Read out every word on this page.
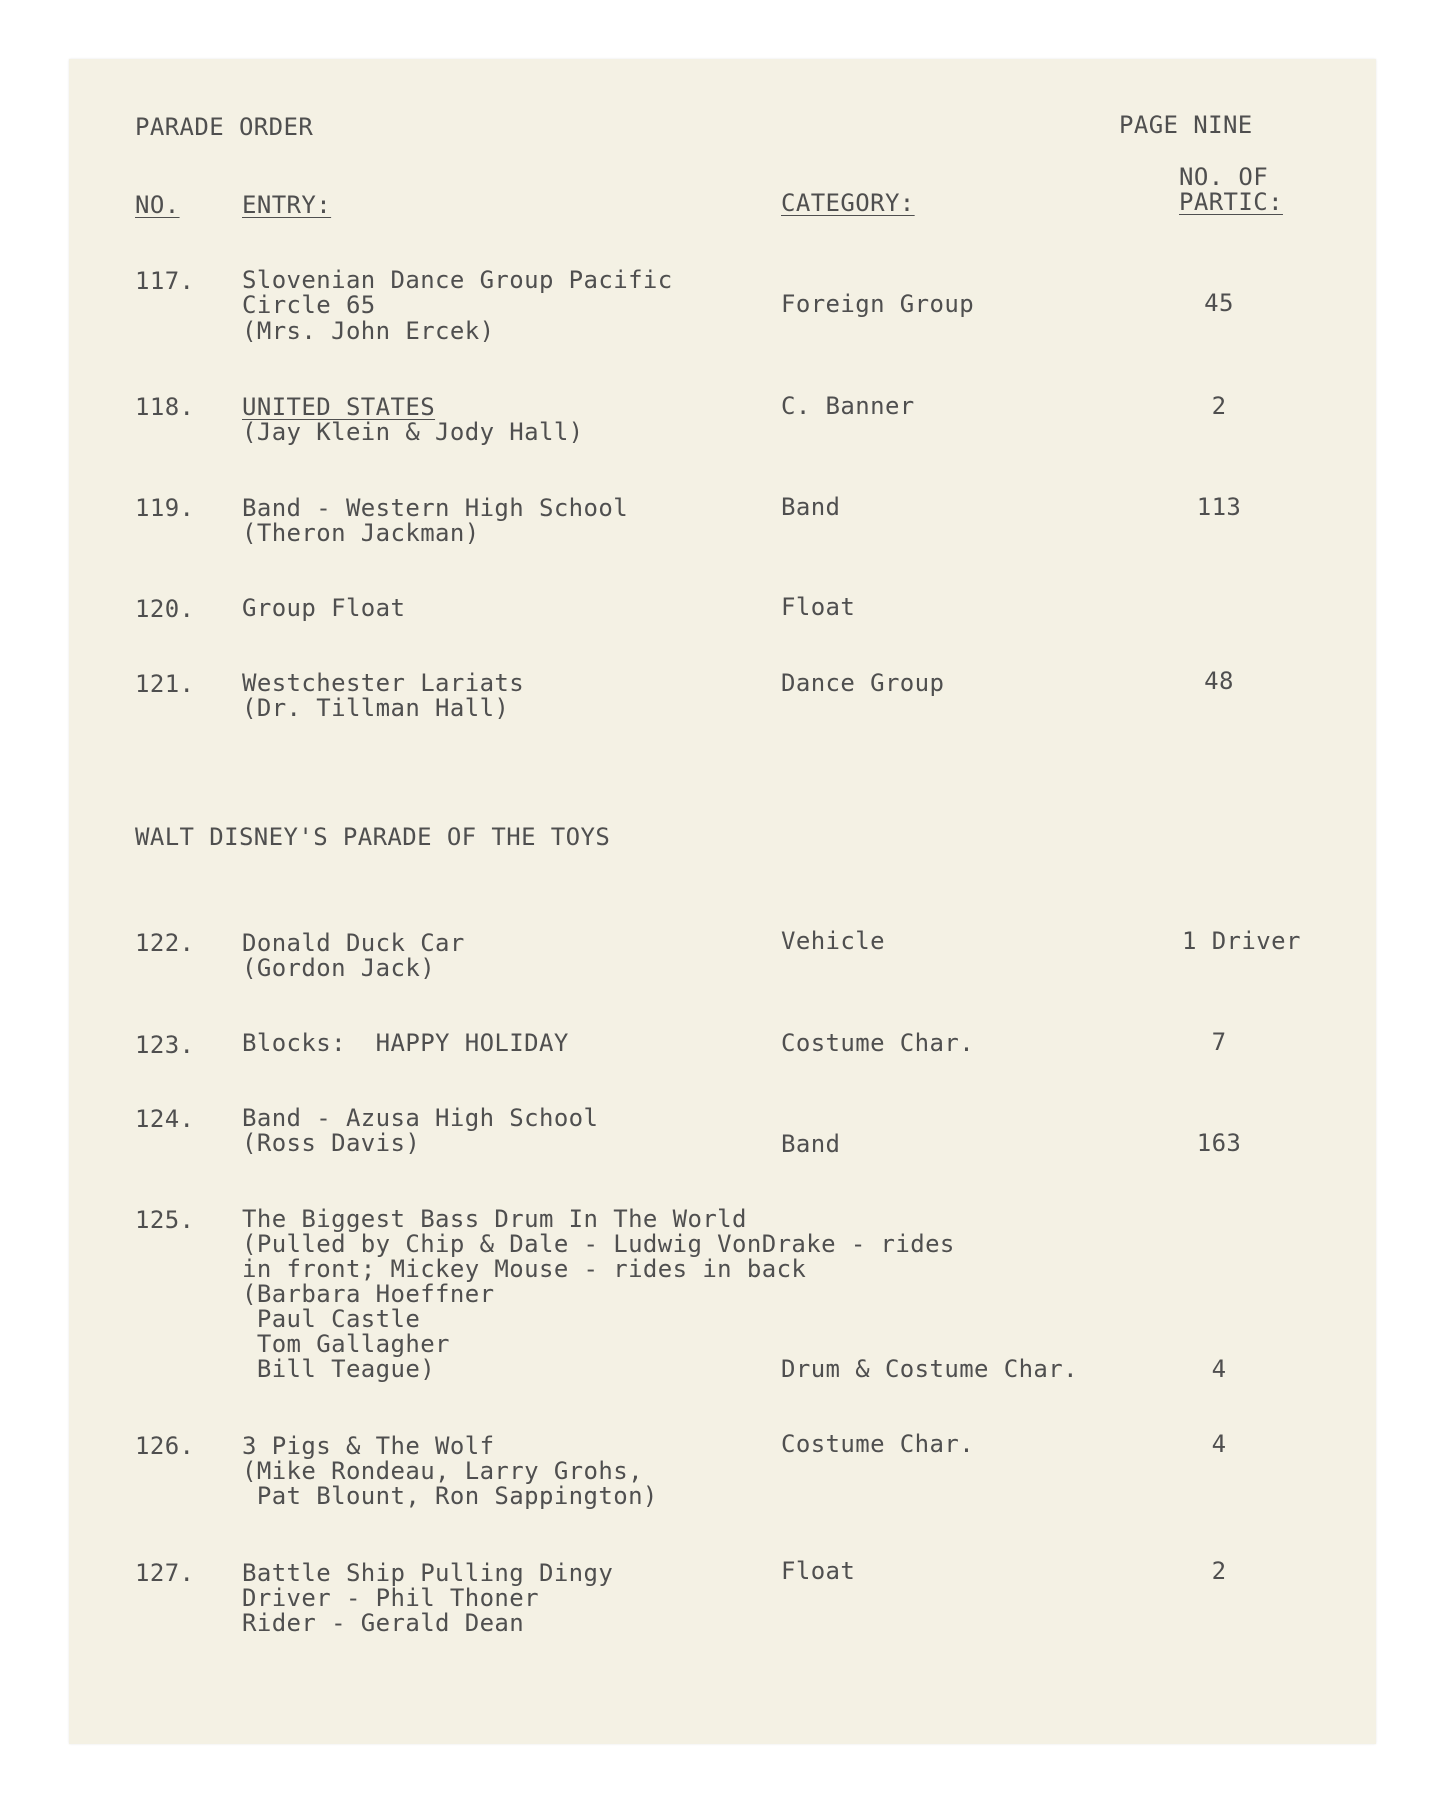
PARADE ORDER	PAGE NINE
NO.	ENTRY:	CATEGORY:
NO. OF
PARTIC:
117. Slovenian Dance Group Pacific
Circle 65
(Mrs. John Ercek)
Foreign Group	45
118. UNITED STATES
(Jay Klein & Jody Hall)
C. Banner	2
119. Band - Western High School
(Theron Jackman)
Band	113
120. Group Float	Float
121. Westchester Lariats
(Dr. Tillman Hall)
Dance Group	48
WALT DISNEY'S PARADE OF THE TOYS
122. Donald Duck Car
(Gordon Jack)
Vehicle	1 Driver
123. Blocks:  HAPPY HOLIDAY	Costume Char.	7
124. Band - Azusa High School
(Ross Davis)	Band	163
125. The Biggest Bass Drum In The World
(Pulled by Chip & Dale - Ludwig VonDrake - rides
in front; Mickey Mouse - rides in back
(Barbara Hoeffner
Paul Castle
Tom Gallagher
Bill Teague)	Drum & Costume Char.	4
126. 3 Pigs & The Wolf
(Mike Rondeau, Larry Grohs,
Pat Blount, Ron Sappington)
Costume Char.	4
127. Battle Ship Pulling Dingy
Driver - Phil Thoner
Rider - Gerald Dean
Float	2
